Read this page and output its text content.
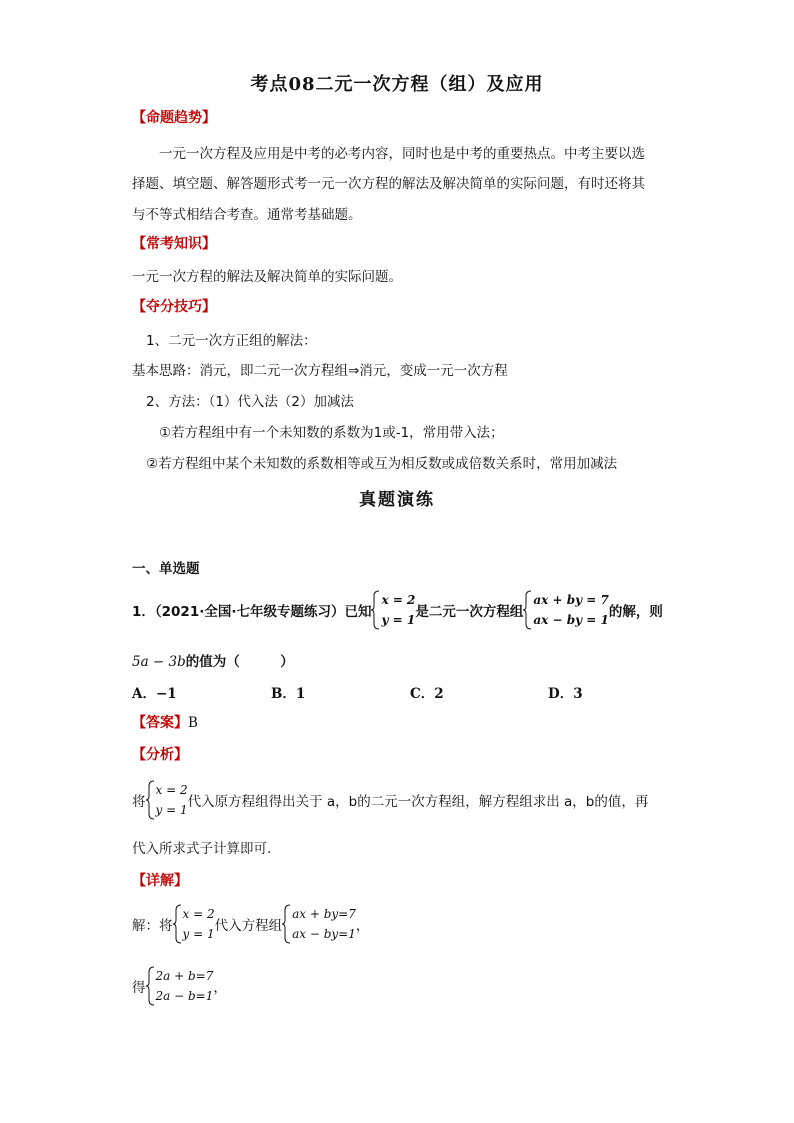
考点08二元一次方程（组）及应用
【命题趋势】
一元一次方程及应用是中考的必考内容，同时也是中考的重要热点。中考主要以选
择题、填空题、解答题形式考一元一次方程的解法及解决简单的实际问题，有时还将其
与不等式相结合考查。通常考基础题。
【常考知识】
一元一次方程的解法及解决简单的实际问题。
【夺分技巧】
1、二元一次方正组的解法：
基本思路：消元，即二元一次方程组⇒消元，变成一元一次方程
2、方法：（1）代入法（2）加减法
①若方程组中有一个未知数的系数为1或-1，常用带入法；
②若方程组中某个未知数的系数相等或互为相反数或成倍数关系时，常用加减法
真题演练
一、单选题
1．（2021·全国·七年级专题练习）已知
x = 2
y = 1 是二元一次方程组
ax + by = 7
ax − by = 1 的解，则
5a − 3b的值为（　　　）
A．−1	B．1	C．2	D．3
【答案】B
【分析】
将
x = 2
y = 1 代入原方程组得出关于 a，b的二元一次方程组，解方程组求出 a，b的值，再
代入所求式子计算即可.
【详解】
解：将
x = 2
y = 1 代入方程组
ax + by=7
ax − by=1 ，
得
2a + b=7
2a − b=1 ，
